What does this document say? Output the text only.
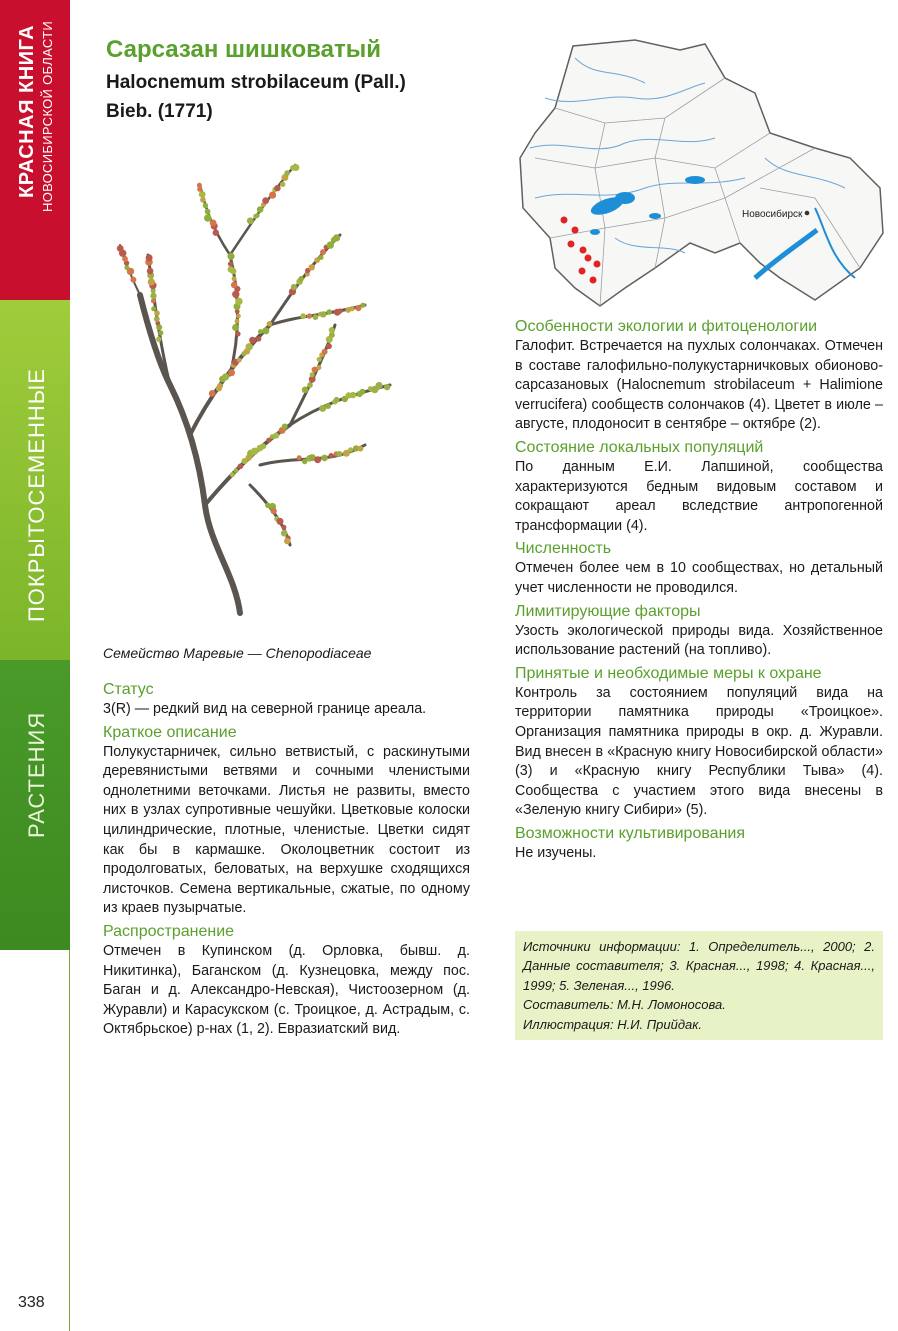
КРАСНАЯ КНИГА НОВОСИБИРСКОЙ ОБЛАСТИ
ПОКРЫТОСЕМЕННЫЕ
РАСТЕНИЯ
338
Сарсазан шишковатый
Halocnemum strobilaceum (Pall.)
Bieb. (1771)
Новосибирск
Семейство Маревые — Chenopodiaceae
Статус

3(R) — редкий вид на северной границе ареала.

Краткое описание

Полукустарничек, сильно ветвистый, с раскинутыми деревянистыми ветвями и сочными членистыми однолетними веточками. Листья не развиты, вместо них в узлах супротивные чешуйки. Цветковые колоски цилиндрические, плотные, членистые. Цветки сидят как бы в кармашке. Околоцветник состоит из продолговатых, беловатых, на верхушке сходящихся листочков. Семена вертикальные, сжатые, по одному из краев пузырчатые.

Распространение

Отмечен в Купинском (д. Орловка, бывш. д. Никитинка), Баганском (д. Кузнецовка, между пос. Баган и д. Александро-Невская), Чистоозерном (д. Журавли) и Карасукском (с. Троицкое, д. Астрадым, с. Октябрьское) р-нах (1, 2). Евразиатский вид.

Особенности экологии и фитоценологии

Галофит. Встречается на пухлых солончаках. Отмечен в составе галофильно-полукустарничковых обионово-сарсазановых (Halocnemum strobilaceum + Halimione verrucifera) сообществ солончаков (4). Цветет в июле – августе, плодоносит в сентябре – октябре (2).

Состояние локальных популяций

По данным Е.И. Лапшиной, сообщества характеризуются бедным видовым составом и сокращают ареал вследствие антропогенной трансформации (4).

Численность

Отмечен более чем в 10 сообществах, но детальный учет численности не проводился.

Лимитирующие факторы

Узость экологической природы вида. Хозяйственное использование растений (на топливо).

Принятые и необходимые меры к охране

Контроль за состоянием популяций вида на территории памятника природы «Троицкое». Организация памятника природы в окр. д. Журавли. Вид внесен в «Красную книгу Новосибирской области» (3) и «Красную книгу Республики Тыва» (4). Сообщества с участием этого вида внесены в «Зеленую книгу Сибири» (5).

Возможности культивирования

Не изучены.

Источники информации: 1. Определитель..., 2000; 2. Данные составителя; 3. Красная..., 1998; 4. Красная..., 1999; 5. Зеленая..., 1996.

Составитель: М.Н. Ломоносова.

Иллюстрация: Н.И. Прийдак.
